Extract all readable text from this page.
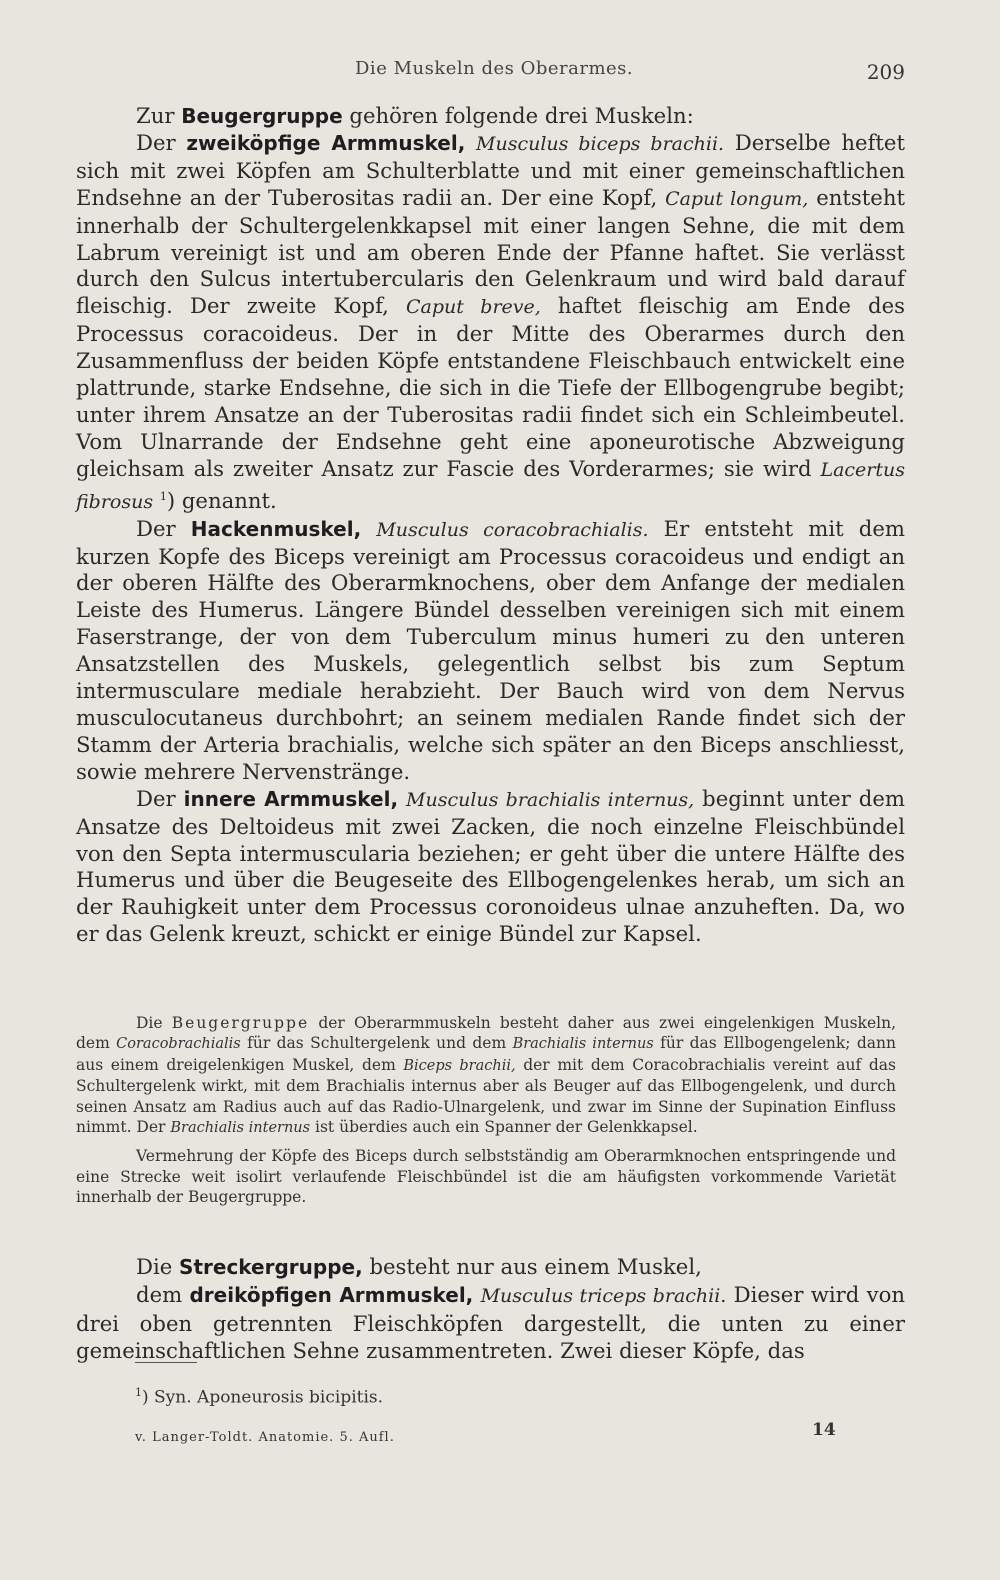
Die Muskeln des Oberarmes.	209

Zur Beugergruppe gehören folgende drei Muskeln:

Der zweiköpfige Armmuskel, Musculus biceps brachii. Derselbe heftet sich mit zwei Köpfen am Schulterblatte und mit einer gemeinschaftlichen Endsehne an der Tuberositas radii an. Der eine Kopf, Caput longum, entsteht innerhalb der Schultergelenkkapsel mit einer langen Sehne, die mit dem Labrum vereinigt ist und am oberen Ende der Pfanne haftet. Sie verlässt durch den Sulcus intertubercularis den Gelenkraum und wird bald darauf fleischig. Der zweite Kopf, Caput breve, haftet fleischig am Ende des Processus coracoideus. Der in der Mitte des Oberarmes durch den Zusammenfluss der beiden Köpfe entstandene Fleischbauch entwickelt eine plattrunde, starke Endsehne, die sich in die Tiefe der Ellbogengrube begibt; unter ihrem Ansatze an der Tuberositas radii findet sich ein Schleimbeutel. Vom Ulnarrande der Endsehne geht eine aponeurotische Abzweigung gleichsam als zweiter Ansatz zur Fascie des Vorderarmes; sie wird Lacertus fibrosus $^1$) genannt.

Der Hackenmuskel, Musculus coracobrachialis. Er entsteht mit dem kurzen Kopfe des Biceps vereinigt am Processus coracoideus und endigt an der oberen Hälfte des Oberarmknochens, ober dem Anfange der medialen Leiste des Humerus. Längere Bündel desselben vereinigen sich mit einem Faserstrange, der von dem Tuberculum minus humeri zu den unteren Ansatzstellen des Muskels, gelegentlich selbst bis zum Septum intermusculare mediale herabzieht. Der Bauch wird von dem Nervus musculocutaneus durchbohrt; an seinem medialen Rande findet sich der Stamm der Arteria brachialis, welche sich später an den Biceps anschliesst, sowie mehrere Nervenstränge.

Der innere Armmuskel, Musculus brachialis internus, beginnt unter dem Ansatze des Deltoideus mit zwei Zacken, die noch einzelne Fleischbündel von den Septa intermuscularia beziehen; er geht über die untere Hälfte des Humerus und über die Beugeseite des Ellbogengelenkes herab, um sich an der Rauhigkeit unter dem Processus coronoideus ulnae anzuheften. Da, wo er das Gelenk kreuzt, schickt er einige Bündel zur Kapsel.

Die Beugergruppe der Oberarmmuskeln besteht daher aus zwei eingelenkigen Muskeln, dem Coracobrachialis für das Schultergelenk und dem Brachialis internus für das Ellbogengelenk; dann aus einem dreigelenkigen Muskel, dem Biceps brachii, der mit dem Coracobrachialis vereint auf das Schultergelenk wirkt, mit dem Brachialis internus aber als Beuger auf das Ellbogengelenk, und durch seinen Ansatz am Radius auch auf das Radio-Ulnargelenk, und zwar im Sinne der Supination Einfluss nimmt. Der Brachialis internus ist überdies auch ein Spanner der Gelenkkapsel.

Vermehrung der Köpfe des Biceps durch selbstständig am Oberarmknochen entspringende und eine Strecke weit isolirt verlaufende Fleischbündel ist die am häufigsten vorkommende Varietät innerhalb der Beugergruppe.

Die Streckergruppe, besteht nur aus einem Muskel,

dem dreiköpfigen Armmuskel, Musculus triceps brachii. Dieser wird von drei oben getrennten Fleischköpfen dargestellt, die unten zu einer gemeinschaftlichen Sehne zusammentreten. Zwei dieser Köpfe, das

$^1$) Syn. Aponeurosis bicipitis.
v. Langer-Toldt. Anatomie. 5. Aufl.	14
